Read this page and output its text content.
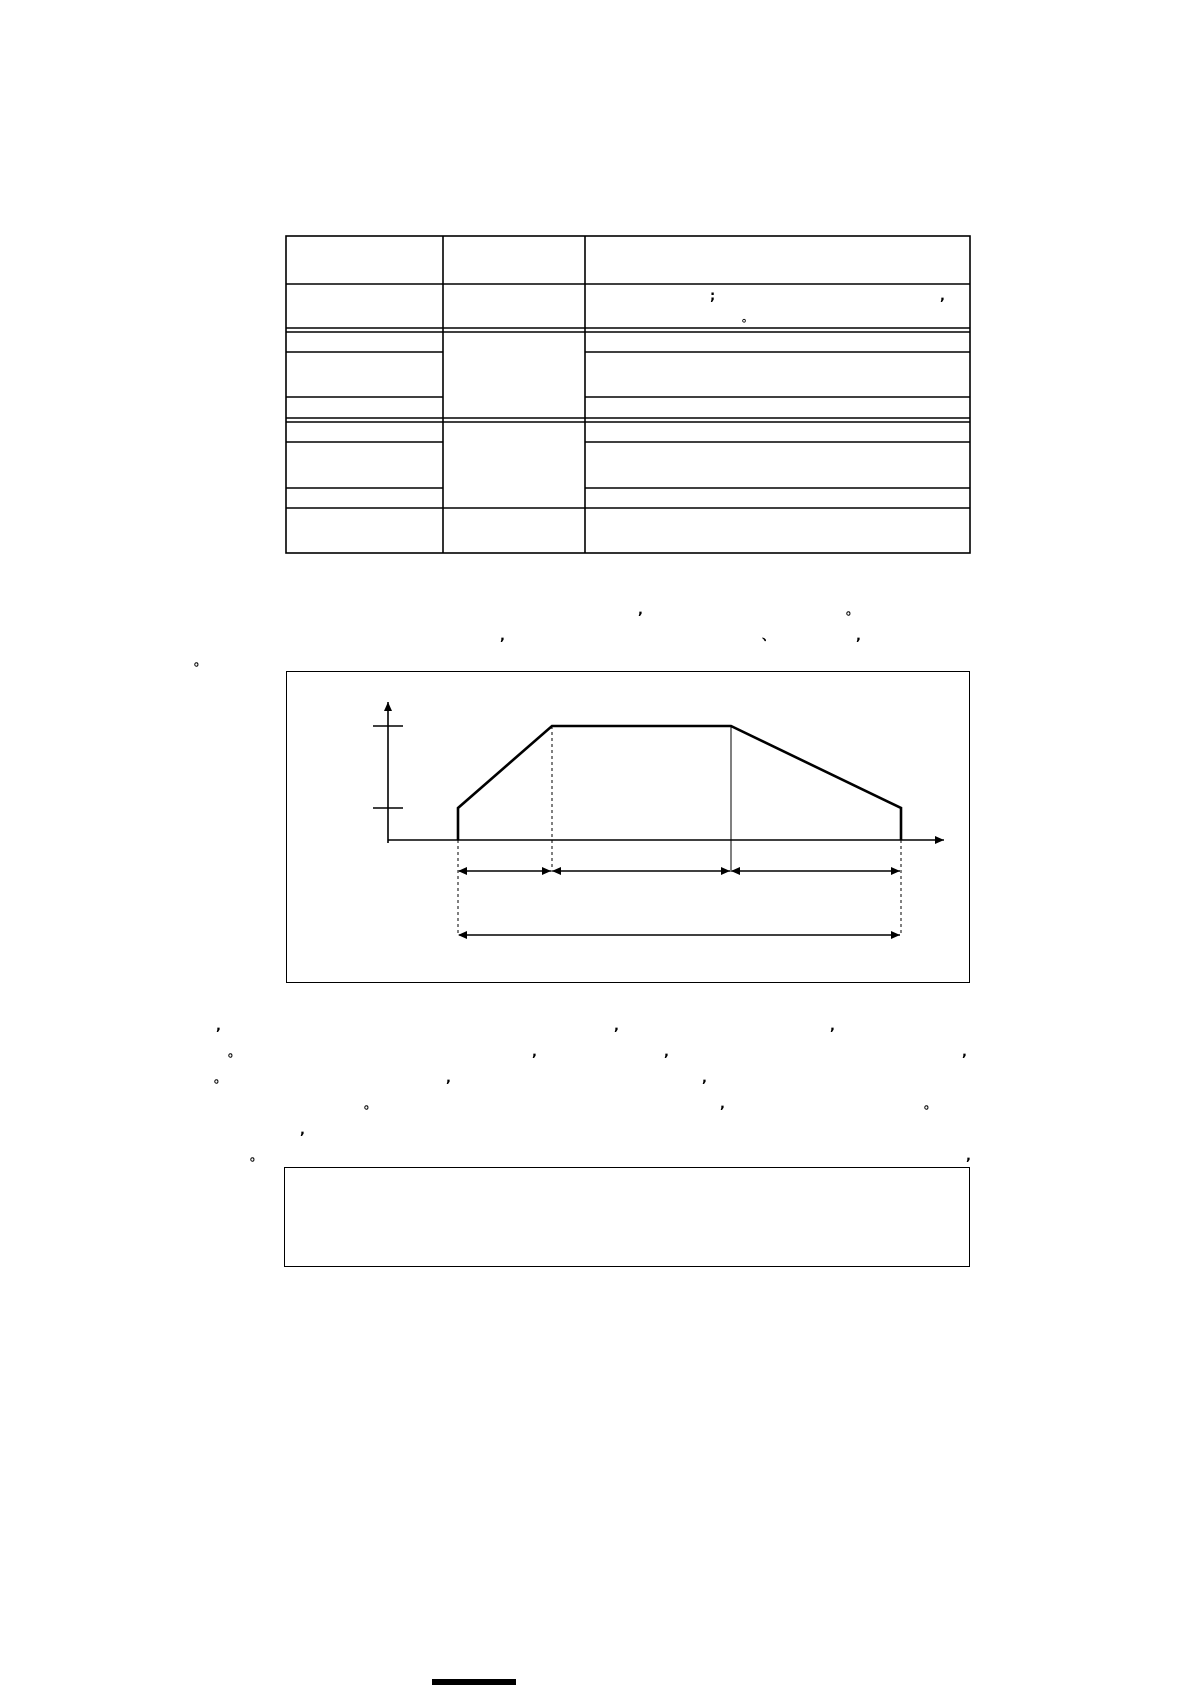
;	,
。
,	。
,	、	,
。
,	,	,
。	,	,	,
。	,	,
。	,	。
,
。	,
